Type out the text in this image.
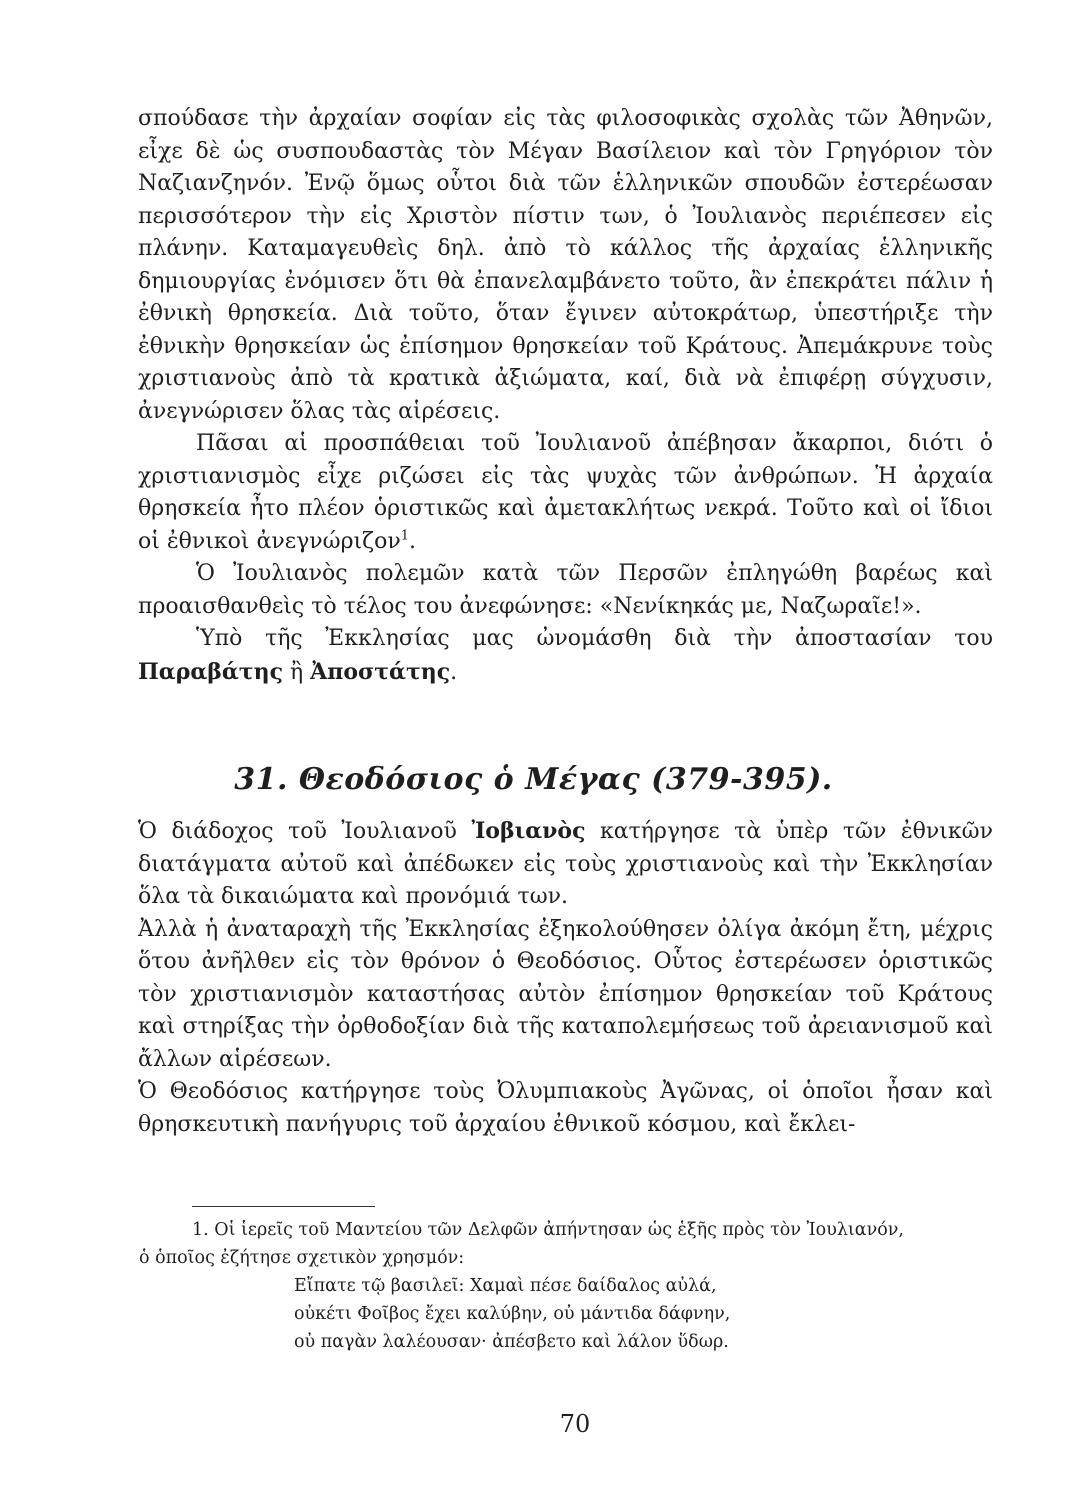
σπούδασε τὴν ἀρχαίαν σοφίαν εἰς τὰς φιλοσοφικὰς σχολὰς τῶν Ἀθηνῶν, εἶχε δὲ ὡς συσπουδαστὰς τὸν Μέγαν Βασίλειον καὶ τὸν Γρηγόριον τὸν Ναζιανζηνόν. Ἐνῷ ὅμως οὗτοι διὰ τῶν ἑλληνικῶν σπουδῶν ἐστερέωσαν περισσότερον τὴν εἰς Χριστὸν πίστιν των, ὁ Ἰουλιανὸς περιέπεσεν εἰς πλάνην. Καταμαγευθεὶς δηλ. ἀπὸ τὸ κάλλος τῆς ἀρχαίας ἑλληνικῆς δημιουργίας ἐνόμισεν ὅτι θὰ ἐπανελαμβάνετο τοῦτο, ἂν ἐπεκράτει πάλιν ἡ ἐθνικὴ θρησκεία. Διὰ τοῦτο, ὅταν ἔγινεν αὐτοκράτωρ, ὑπεστήριξε τὴν ἐθνικὴν θρησκείαν ὡς ἐπίσημον θρησκείαν τοῦ Κράτους. Ἀπεμάκρυνε τοὺς χριστιανοὺς ἀπὸ τὰ κρατικὰ ἀξιώματα, καί, διὰ νὰ ἐπιφέρῃ σύγχυσιν, ἀνεγνώρισεν ὅλας τὰς αἱρέσεις.

Πᾶσαι αἱ προσπάθειαι τοῦ Ἰουλιανοῦ ἀπέβησαν ἄκαρποι, διότι ὁ χριστιανισμὸς εἶχε ριζώσει εἰς τὰς ψυχὰς τῶν ἀνθρώπων. Ἡ ἀρχαία θρησκεία ἦτο πλέον ὁριστικῶς καὶ ἀμετακλήτως νεκρά. Τοῦτο καὶ οἱ ἴδιοι οἱ ἐθνικοὶ ἀνεγνώριζον$^1$.

Ὁ Ἰουλιανὸς πολεμῶν κατὰ τῶν Περσῶν ἐπληγώθη βαρέως καὶ προαισθανθεὶς τὸ τέλος του ἀνεφώνησε: «Νενίκηκάς με, Ναζωραῖε!».

Ὑπὸ τῆς Ἐκκλησίας μας ὠνομάσθη διὰ τὴν ἀποστασίαν του Παραβάτης ἢ Ἀποστάτης.

31. Θεοδόσιος ὁ Μέγας (379-395).

Ὁ διάδοχος τοῦ Ἰουλιανοῦ Ἰοβιανὸς κατήργησε τὰ ὑπὲρ τῶν ἐθνικῶν διατάγματα αὐτοῦ καὶ ἀπέδωκεν εἰς τοὺς χριστιανοὺς καὶ τὴν Ἐκκλησίαν ὅλα τὰ δικαιώματα καὶ προνόμιά των.

Ἀλλὰ ἡ ἀναταραχὴ τῆς Ἐκκλησίας ἐξηκολούθησεν ὀλίγα ἀκόμη ἔτη, μέχρις ὅτου ἀνῆλθεν εἰς τὸν θρόνον ὁ Θεοδόσιος. Οὗτος ἐστερέωσεν ὁριστικῶς τὸν χριστιανισμὸν καταστήσας αὐτὸν ἐπίσημον θρησκείαν τοῦ Κράτους καὶ στηρίξας τὴν ὀρθοδοξίαν διὰ τῆς καταπολεμήσεως τοῦ ἀρειανισμοῦ καὶ ἄλλων αἱρέσεων.

Ὁ Θεοδόσιος κατήργησε τοὺς Ὀλυμπιακοὺς Ἀγῶνας, οἱ ὁποῖοι ἦσαν καὶ θρησκευτικὴ πανήγυρις τοῦ ἀρχαίου ἐθνικοῦ κόσμου, καὶ ἔκλει-

1. Οἱ ἱερεῖς τοῦ Μαντείου τῶν Δελφῶν ἀπήντησαν ὡς ἑξῆς πρὸς τὸν Ἰουλιανόν,

ὁ ὁποῖος ἐζήτησε σχετικὸν χρησμόν:

Εἴπατε τῷ βασιλεῖ: Χαμαὶ πέσε δαίδαλος αὐλά,

οὐκέτι Φοῖβος ἔχει καλύβην, οὐ μάντιδα δάφνην,

οὐ παγὰν λαλέουσαν· ἀπέσβετο καὶ λάλον ὕδωρ.

70
